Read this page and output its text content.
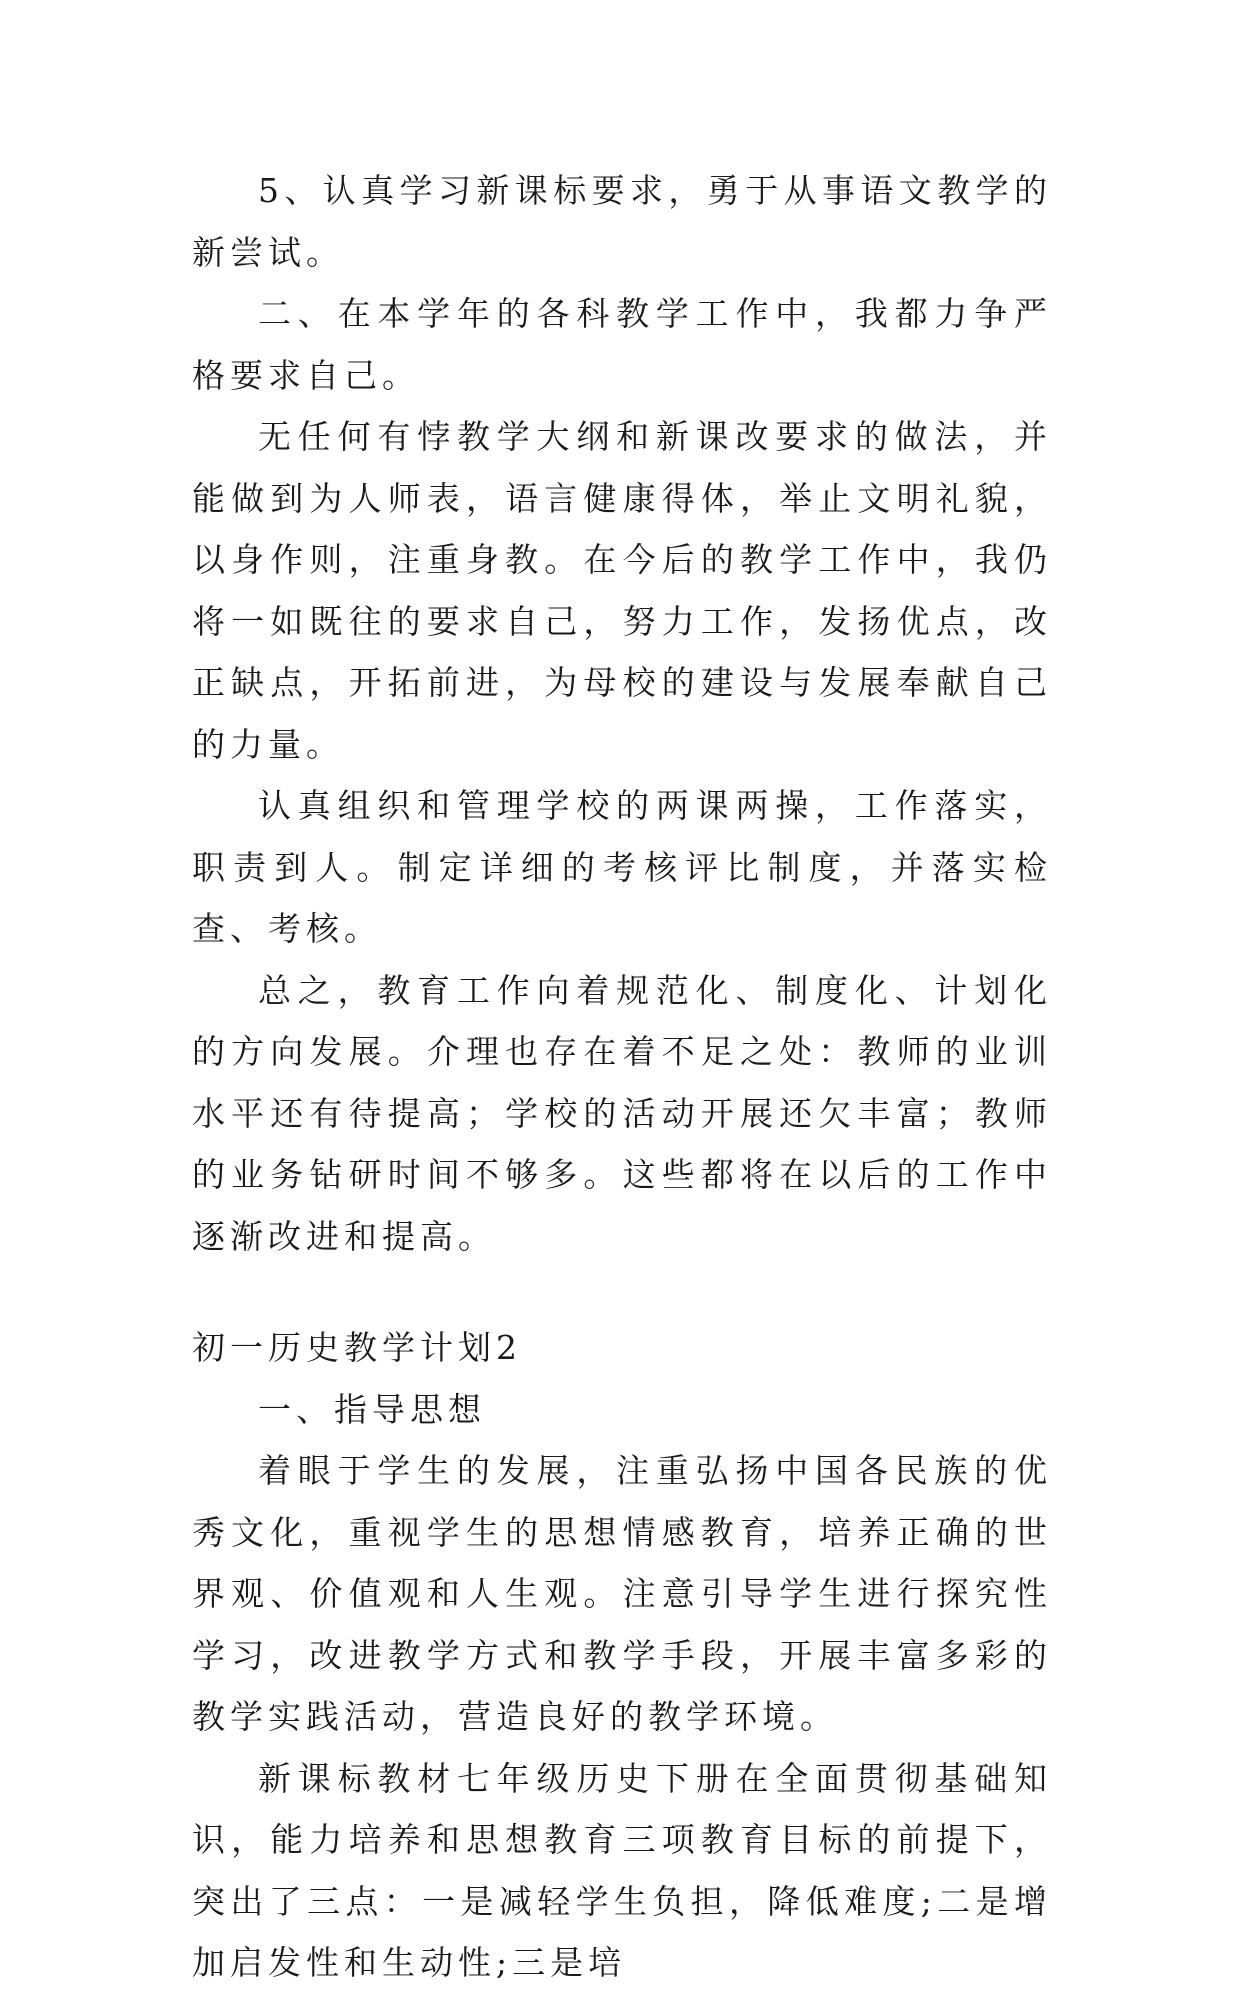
5、认真学习新课标要求，勇于从事语文教学的新尝试。

二、在本学年的各科教学工作中，我都力争严格要求自己。

无任何有悖教学大纲和新课改要求的做法，并能做到为人师表，语言健康得体，举止文明礼貌，以身作则，注重身教。在今后的教学工作中，我仍将一如既往的要求自己，努力工作，发扬优点，改正缺点，开拓前进，为母校的建设与发展奉献自己的力量。

认真组织和管理学校的两课两操，工作落实，职责到人。制定详细的考核评比制度，并落实检查、考核。

总之，教育工作向着规范化、制度化、计划化的方向发展。介理也存在着不足之处：教师的业训水平还有待提高；学校的活动开展还欠丰富；教师的业务钻研时间不够多。这些都将在以后的工作中逐渐改进和提高。

初一历史教学计划2

一、指导思想

着眼于学生的发展，注重弘扬中国各民族的优秀文化，重视学生的思想情感教育，培养正确的世界观、价值观和人生观。注意引导学生进行探究性学习，改进教学方式和教学手段，开展丰富多彩的教学实践活动，营造良好的教学环境。

新课标教材七年级历史下册在全面贯彻基础知识，能力培养和思想教育三项教育目标的前提下，突出了三点：一是减轻学生负担，降低难度;二是增加启发性和生动性;三是培
